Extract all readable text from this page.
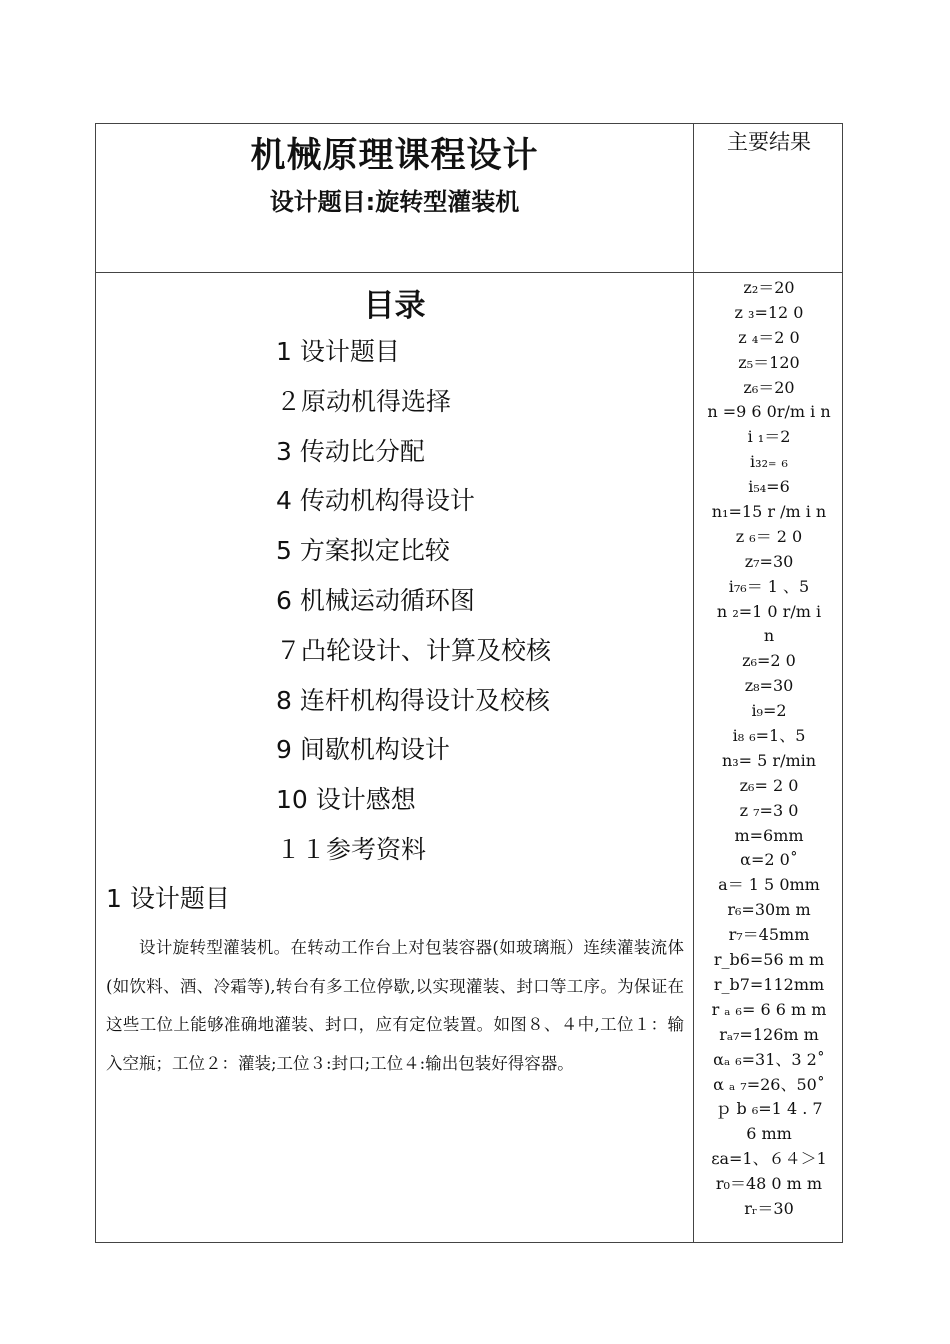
机械原理课程设计
设计题目:旋转型灌装机
主要结果
目录
1 设计题目
２原动机得选择
3 传动比分配
4 传动机构得设计
5 方案拟定比较
6 机械运动循环图
７凸轮设计、计算及校核
8 连杆机构得设计及校核
9 间歇机构设计
10 设计感想
１１参考资料
1 设计题目

设计旋转型灌装机。在转动工作台上对包装容器(如玻璃瓶）连续灌装流体(如饮料、酒、冷霜等),转台有多工位停歇,以实现灌装、封口等工序。为保证在这些工位上能够准确地灌装、封口，应有定位装置。如图８、４中,工位１：输入空瓶；工位２：灌装;工位３:封口;工位４:输出包装好得容器。

z₂＝20
z ₃=12 0
z ₄＝2 0
z₅＝120
z₆＝20
n =9 6 0r/m i n
i ₁＝2
i₃₂₌ ₆
i₅₄=6
n₁=15 r /m i n
z ₆＝ 2 0
z₇=30
i₇₆＝ 1 、5
n ₂=1 0 r/m i
n
z₆=2 0
z₈=30
i₉=2
i₈ ₆=1、5
n₃= 5 r/min
z₆= 2 0
z ₇=3 0
m=6mm
α=2 0˚
a＝ 1 5 0mm
r₆=30m m
r₇＝45mm
r_b6=56 m m
r_b7=112mm
r ₐ ₆= 6 6 m m
rₐ₇=126m m
αₐ ₆=31、3 2˚
α ₐ ₇=26、50˚
ｐ b ₆=1 4 . 7
6 mm
εa=1、６４＞1
r₀＝48 0 m m
rᵣ＝30
